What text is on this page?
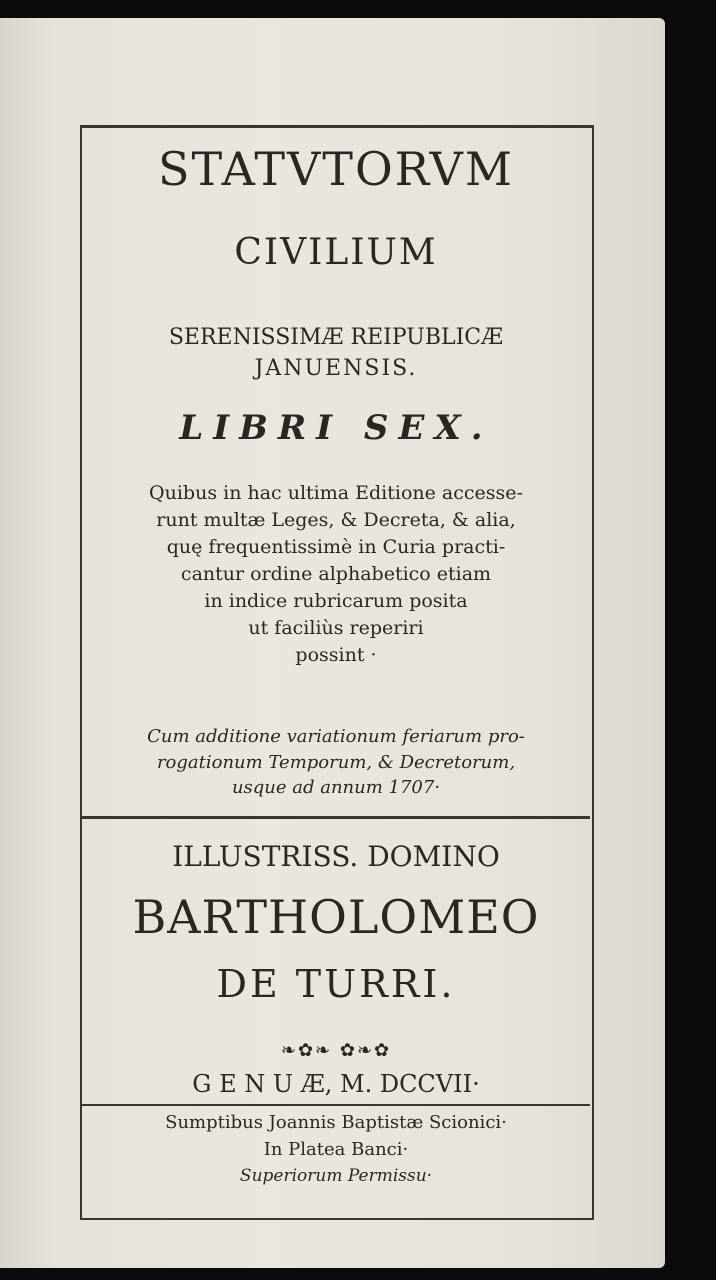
STATVTORVM
CIVILIUM
SERENISSIMÆ REIPUBLICÆ
JANUENSIS.
LIBRI SEX.
Quibus in hac ultima Editione accesse-
runt multæ Leges, & Decreta, & alia,
quę frequentissimè in Curia practi-
cantur ordine alphabetico etiam
in indice rubricarum posita
ut faciliùs reperiri
possint ·
Cum additione variationum feriarum pro-
rogationum Temporum, & Decretorum,
usque ad annum 1707·
ILLUSTRISS. DOMINO
BARTHOLOMEO
DE TURRI.
❧✿❧ ✿❧✿
G E N U Æ, M. DCCVII·
Sumptibus Joannis Baptistæ Scionici·
In Platea Banci·
Superiorum Permissu·
